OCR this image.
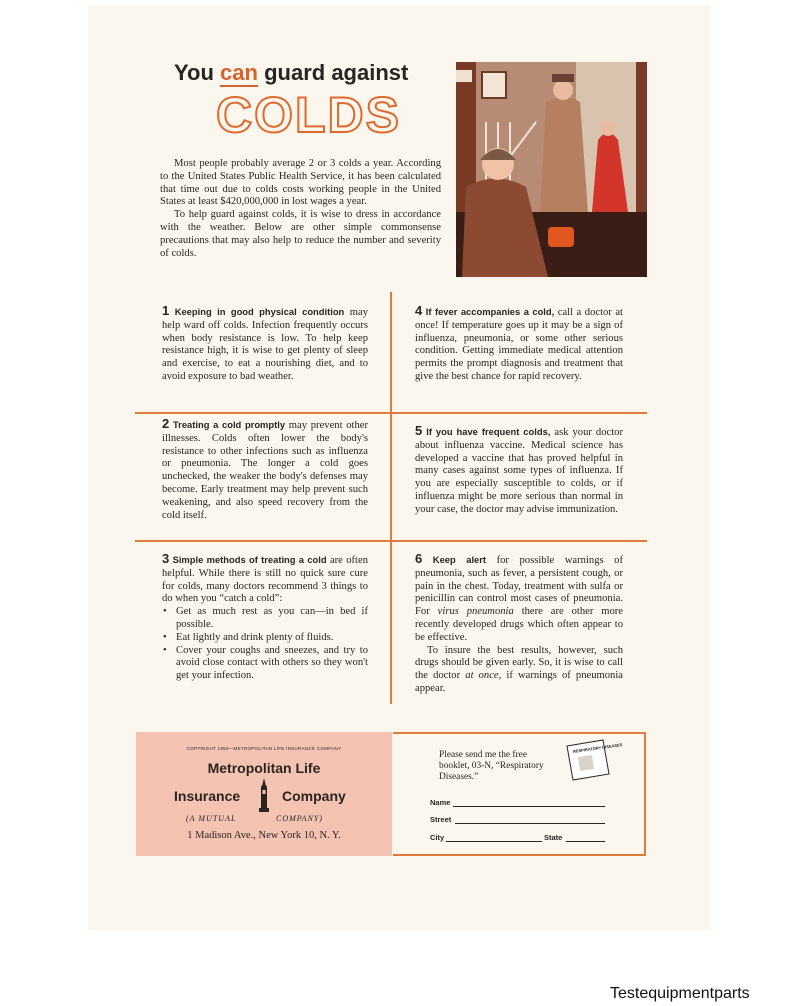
You can guard against
COLDS

Most people probably average 2 or 3 colds a year. According to the United States Public Health Service, it has been calculated that time out due to colds costs working people in the United States at least $420,000,000 in lost wages a year.

To help guard against colds, it is wise to dress in accordance with the weather. Below are other simple commonsense precautions that may also help to reduce the number and severity of colds.

1 Keeping in good physical condition may help ward off colds. Infection frequently occurs when body resistance is low. To help keep resistance high, it is wise to get plenty of sleep and exercise, to eat a nourishing diet, and to avoid exposure to bad weather.

4 If fever accompanies a cold, call a doctor at once! If temperature goes up it may be a sign of influenza, pneumonia, or some other serious condition. Getting immediate medical attention permits the prompt diagnosis and treatment that give the best chance for rapid recovery.

2 Treating a cold promptly may prevent other illnesses. Colds often lower the body's resistance to other infections such as influenza or pneumonia. The longer a cold goes unchecked, the weaker the body's defenses may become. Early treatment may help prevent such weakening, and also speed recovery from the cold itself.

5 If you have frequent colds, ask your doctor about influenza vaccine. Medical science has developed a vaccine that has proved helpful in many cases against some types of influenza. If you are especially susceptible to colds, or if influenza might be more serious than normal in your case, the doctor may advise immunization.

3 Simple methods of treating a cold are often helpful. While there is still no quick sure cure for colds, many doctors recommend 3 things to do when you “catch a cold”:

• Get as much rest as you can—in bed if possible.
• Eat lightly and drink plenty of fluids.
• Cover your coughs and sneezes, and try to avoid close contact with others so they won't get your infection.

6 Keep alert for possible warnings of pneumonia, such as fever, a persistent cough, or pain in the chest. Today, treatment with sulfa or penicillin can control most cases of pneumonia. For virus pneumonia there are other more recently developed drugs which often appear to be effective.

To insure the best results, however, such drugs should be given early. So, it is wise to call the doctor at once, if warnings of pneumonia appear.

COPYRIGHT 1950—METROPOLITAN LIFE INSURANCE COMPANY
Metropolitan Life
Insurance	Company
(A MUTUAL	COMPANY)
1 Madison Ave., New York 10, N. Y.
Please send me the free booklet, 03-N, “Respiratory Diseases.”
RESPIRATORY DISEASES
Name
Street
City	State
Testequipmentparts
